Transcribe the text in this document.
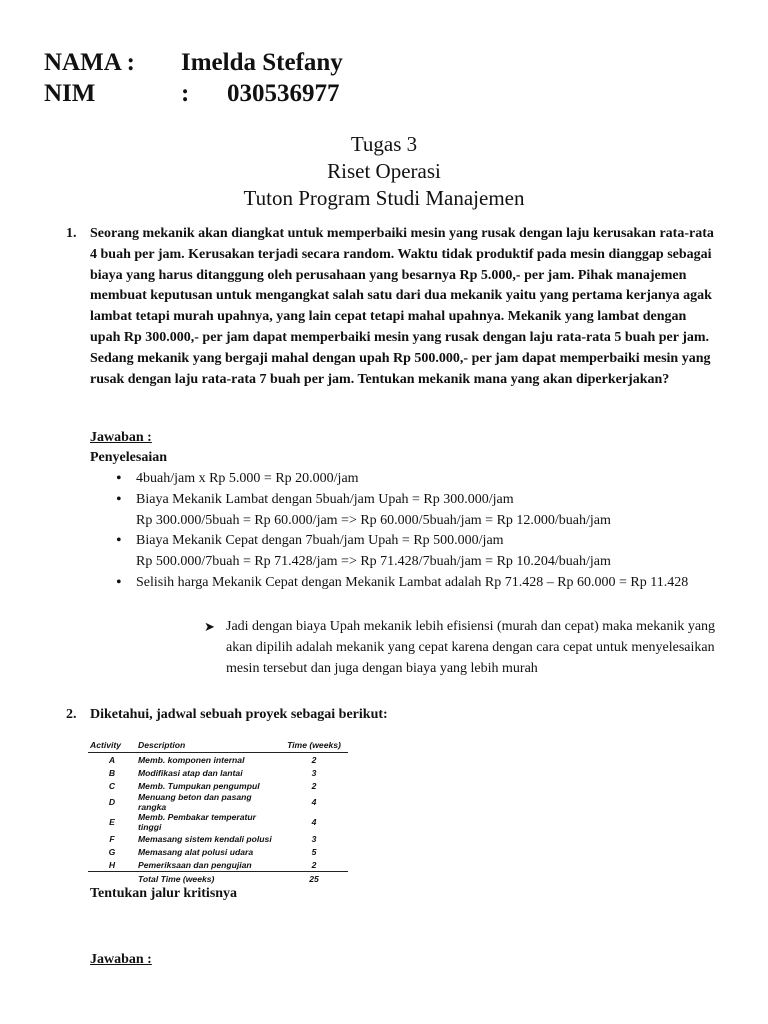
NAMA : Imelda Stefany
NIM	: 030536977
Tugas 3
Riset Operasi
Tuton Program Studi Manajemen
1. Seorang mekanik akan diangkat untuk memperbaiki mesin yang rusak dengan laju kerusakan rata-rata 4 buah per jam. Kerusakan terjadi secara random. Waktu tidak produktif pada mesin dianggap sebagai biaya yang harus ditanggung oleh perusahaan yang besarnya Rp 5.000,- per jam. Pihak manajemen membuat keputusan untuk mengangkat salah satu dari dua mekanik yaitu yang pertama kerjanya agak lambat tetapi murah upahnya, yang lain cepat tetapi mahal upahnya. Mekanik yang lambat dengan upah Rp 300.000,- per jam dapat memperbaiki mesin yang rusak dengan laju rata-rata 5 buah per jam. Sedang mekanik yang bergaji mahal dengan upah Rp 500.000,- per jam dapat memperbaiki mesin yang rusak dengan laju rata-rata 7 buah per jam. Tentukan mekanik mana yang akan diperkerjakan?
Jawaban :
Penyelesaian
• 4buah/jam x Rp 5.000 = Rp 20.000/jam
• Biaya Mekanik Lambat dengan 5buah/jam Upah = Rp 300.000/jam
Rp 300.000/5buah = Rp 60.000/jam => Rp 60.000/5buah/jam = Rp 12.000/buah/jam
• Biaya Mekanik Cepat dengan 7buah/jam Upah = Rp 500.000/jam
Rp 500.000/7buah = Rp 71.428/jam => Rp 71.428/7buah/jam = Rp 10.204/buah/jam
• Selisih harga Mekanik Cepat dengan Mekanik Lambat adalah Rp 71.428 – Rp 60.000 = Rp 11.428
➤ Jadi dengan biaya Upah mekanik lebih efisiensi (murah dan cepat) maka mekanik yang akan dipilih adalah mekanik yang cepat karena dengan cara cepat untuk menyelesaikan mesin tersebut dan juga dengan biaya yang lebih murah
2. Diketahui, jadwal sebuah proyek sebagai berikut:
Activity	Description	Time (weeks)
A	Memb. komponen internal	2
B	Modifikasi atap dan lantai	3
C	Memb. Tumpukan pengumpul	2
D	Menuang beton dan pasang rangka	4
E	Memb. Pembakar temperatur tinggi	4
F	Memasang sistem kendali polusi	3
G	Memasang alat polusi udara	5
H	Pemeriksaan dan pengujian	2
	Total Time (weeks)	25
Tentukan jalur kritisnya
Jawaban :
